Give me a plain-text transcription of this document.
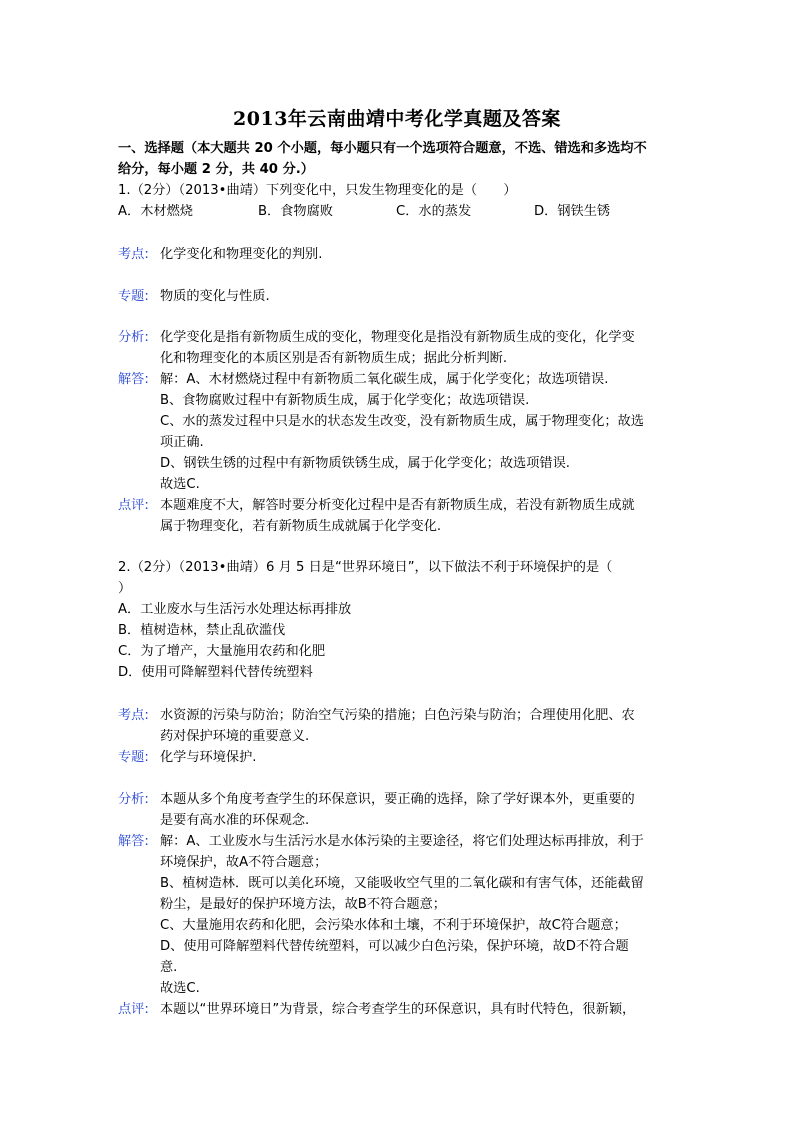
2013年云南曲靖中考化学真题及答案
一、选择题（本大题共 20 个小题，每小题只有一个选项符合题意，不选、错选和多选均不
给分，每小题 2 分，共 40 分.）
1.（2分）（2013•曲靖）下列变化中，只发生物理变化的是（　　）
A．木材燃烧	B．食物腐败	C．水的蒸发	D．钢铁生锈
考点: 化学变化和物理变化的判别.
专题: 物质的变化与性质.
分析: 化学变化是指有新物质生成的变化，物理变化是指没有新物质生成的变化，化学变
化和物理变化的本质区别是否有新物质生成；据此分析判断.
解答: 解：A、木材燃烧过程中有新物质二氧化碳生成，属于化学变化；故选项错误.
B、食物腐败过程中有新物质生成，属于化学变化；故选项错误.
C、水的蒸发过程中只是水的状态发生改变，没有新物质生成，属于物理变化；故选
项正确.
D、钢铁生锈的过程中有新物质铁锈生成，属于化学变化；故选项错误.
故选C.
点评: 本题难度不大，解答时要分析变化过程中是否有新物质生成，若没有新物质生成就
属于物理变化，若有新物质生成就属于化学变化.
2.（2分）（2013•曲靖）6 月 5 日是“世界环境日”，以下做法不利于环境保护的是（
）
A．工业废水与生活污水处理达标再排放
B．植树造林，禁止乱砍滥伐
C．为了增产，大量施用农药和化肥
D．使用可降解塑料代替传统塑料
考点: 水资源的污染与防治；防治空气污染的措施；白色污染与防治；合理使用化肥、农
药对保护环境的重要意义.
专题: 化学与环境保护.
分析: 本题从多个角度考查学生的环保意识，要正确的选择，除了学好课本外，更重要的
是要有高水准的环保观念.
解答: 解：A、工业废水与生活污水是水体污染的主要途径，将它们处理达标再排放，利于
环境保护，故A不符合题意；
B、植树造林．既可以美化环境，又能吸收空气里的二氧化碳和有害气体，还能截留
粉尘，是最好的保护环境方法，故B不符合题意；
C、大量施用农药和化肥，会污染水体和土壤，不利于环境保护，故C符合题意；
D、使用可降解塑料代替传统塑料，可以减少白色污染，保护环境，故D不符合题
意.
故选C.
点评: 本题以“世界环境日”为背景，综合考查学生的环保意识，具有时代特色，很新颖，
